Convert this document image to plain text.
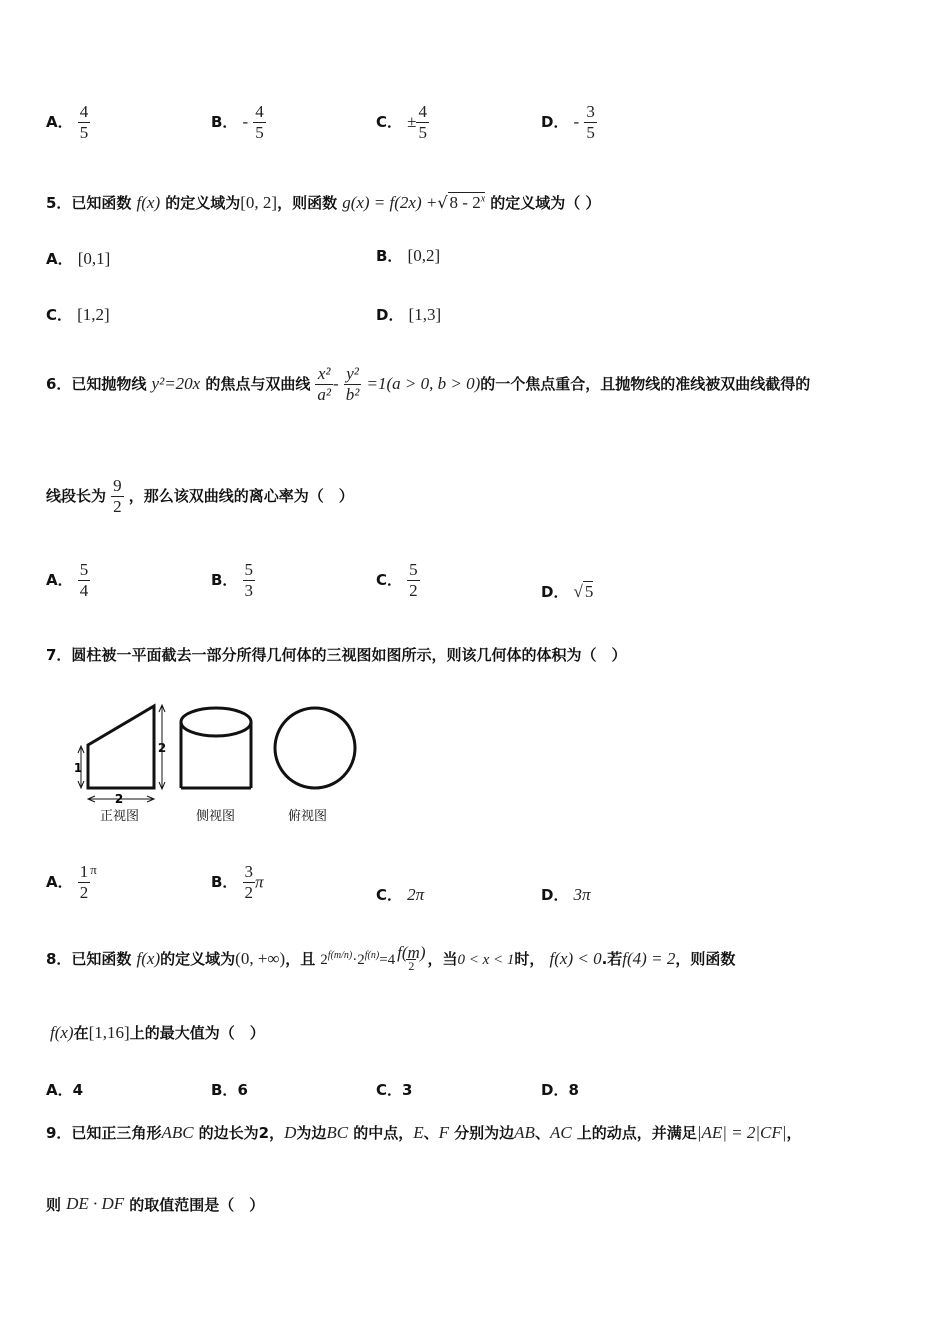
A． $\frac{4}{5}$	B． - $\frac{4}{5}$	C． ± $\frac{4}{5}$	D． - $\frac{3}{5}$
5．已知函数 f(x) 的定义域为[0, 2]，则函数 g(x) = f(2x) +√ 8 - 2$^x$ 的定义域为（ ）
A． [0,1]	B． [0,2]
C． [1,2]	D． [1,3]
6．已知抛物线 y²=20x 的焦点与双曲线 $\frac{\text{x²}}{\text{a²}} - \frac{\text{y²}}{\text{b²}} =1(a > 0$, b > 0)的一个焦点重合，且抛物线的准线被双曲线截得的
线段长为 $\frac{9}{2}$ ，那么该双曲线的离心率为（　）
A． $\frac{5}{4}$	B． $\frac{5}{3}$	C． $\frac{5}{2}$	D． √ 5
7．圆柱被一平面截去一部分所得几何体的三视图如图所示，则该几何体的体积为（　）
1
2
2
正视图	侧视图	俯视图
A． $\frac{1}{2} ^\pi$
B． $\frac{3}{2}$ π
C． 2π	D． 3π
8．已知函数 f(x)的定义域为(0, +∞)，且 $2^{f(m/n)}\cdot 2^{f(n)}=4 \frac{f(m)}{2}$ ，当0 < x < 1时， f(x) < 0.若f(4) = 2，则函数
f(x)在[1,16]上的最大值为（　）
A．4	B．6	C．3	D．8
9．已知正三角形ABC 的边长为2，D为边BC 的中点，E、F 分别为边AB、AC 上的动点，并满足|AE| = 2|CF|，
则 DE · DF 的取值范围是（　）
